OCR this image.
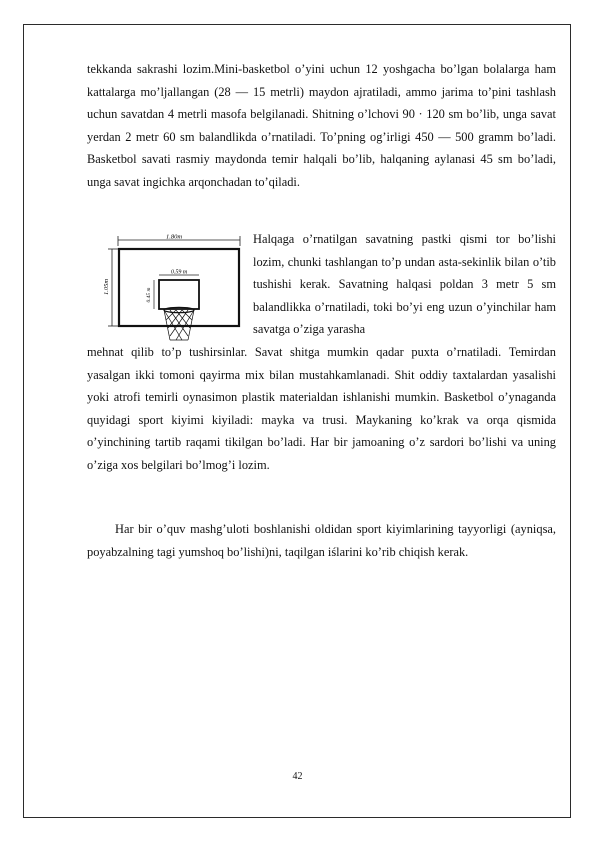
tekkanda sakrashi lozim.Mini-basketbol o’yini uchun 12 yoshgacha bo’lgan bolalarga ham kattalarga mo’ljallangan (28 — 15 metrli) maydon ajratiladi, ammo jarima to’pini tashlash uchun savatdan 4 metrli masofa belgilanadi. Shitning o’lchovi 90 · 120 sm bo’lib, unga savat yerdan 2 metr 60 sm balandlikda o’rnatiladi. To’pning og’irligi 450 — 500 gramm bo’ladi. Basketbol savati rasmiy maydonda temir halqali bo’lib, halqaning aylanasi 45 sm bo’ladi, unga savat ingichka arqonchadan to’qiladi.

1.80m
1.05m
0.59 m
0.45 m

Halqaga o’rnatilgan savatning pastki qismi tor bo’lishi lozim, chunki tashlangan to’p undan asta-sekinlik bilan o’tib tushishi kerak. Savatning halqasi poldan 3 metr 5 sm balandlikka o’rnatiladi, toki bo’yi eng uzun o’yinchilar ham savatga o’ziga yarasha

mehnat qilib to’p tushirsinlar. Savat shitga mumkin qadar puxta o’rnatiladi. Temirdan yasalgan ikki tomoni qayirma mix bilan mustahkamlanadi. Shit oddiy taxtalardan yasalishi yoki atrofi temirli oynasimon plastik materialdan ishlanishi mumkin. Basketbol o’ynaganda quyidagi sport kiyimi kiyiladi: mayka va trusi. Maykaning ko’krak va orqa qismida o’yinchining tartib raqami tikilgan bo’ladi. Har bir jamoaning o’z sardori bo’lishi va uning o’ziga xos belgilari bo’lmog’i lozim.

Har bir o’quv mashg’uloti boshlanishi oldidan sport kiyimlarining tayyorligi (ayniqsa, poyabzalning tagi yumshoq bo’lishi)ni, taqilgan iślarini ko’rib chiqish kerak.

42
